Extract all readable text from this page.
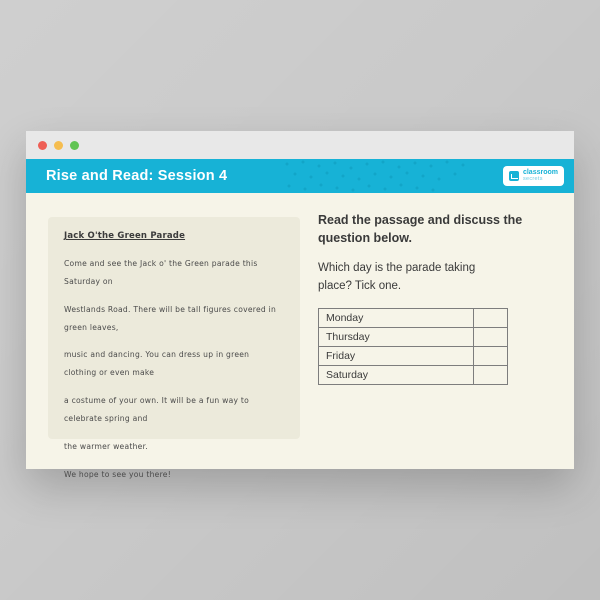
Rise and Read: Session 4	classroom
secrets
Jack O'the Green Parade

Come and see the Jack o' the Green parade this Saturday on

Westlands Road. There will be tall figures covered in green leaves,

music and dancing. You can dress up in green clothing or even make

a costume of your own. It will be a fun way to celebrate spring and

the warmer weather.

We hope to see you there!

Read the passage and discuss the question below.
Which day is the parade taking place? Tick one.
Monday	
Thursday	
Friday	
Saturday	
